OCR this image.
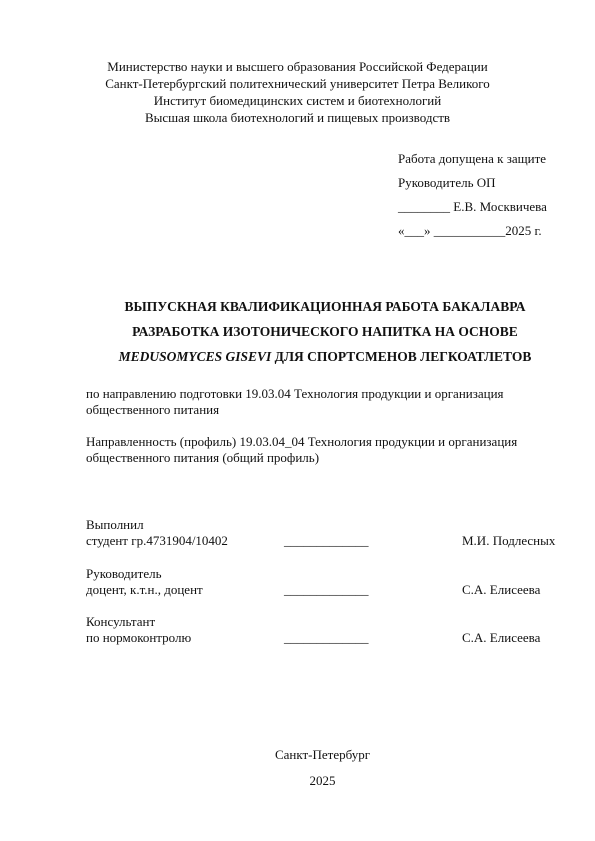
Министерство науки и высшего образования Российской Федерации
Санкт-Петербургский политехнический университет Петра Великого
Институт биомедицинских систем и биотехнологий
Высшая школа биотехнологий и пищевых производств
Работа допущена к защите
Руководитель ОП
________ Е.В. Москвичева
«___» ___________2025 г.
ВЫПУСКНАЯ КВАЛИФИКАЦИОННАЯ РАБОТА БАКАЛАВРА
РАЗРАБОТКА ИЗОТОНИЧЕСКОГО НАПИТКА НА ОСНОВЕ
MEDUSOMYCES GISEVI ДЛЯ СПОРТСМЕНОВ ЛЕГКОАТЛЕТОВ
по направлению подготовки 19.03.04 Технология продукции и организация общественного питания
Направленность (профиль) 19.03.04_04 Технология продукции и организация общественного питания (общий профиль)
Выполнил
студент гр.4731904/10402	_____________	М.И. Подлесных
Руководитель
доцент, к.т.н., доцент	_____________	С.А. Елисеева
Консультант
по нормоконтролю	_____________	С.А. Елисеева
Санкт-Петербург
2025
